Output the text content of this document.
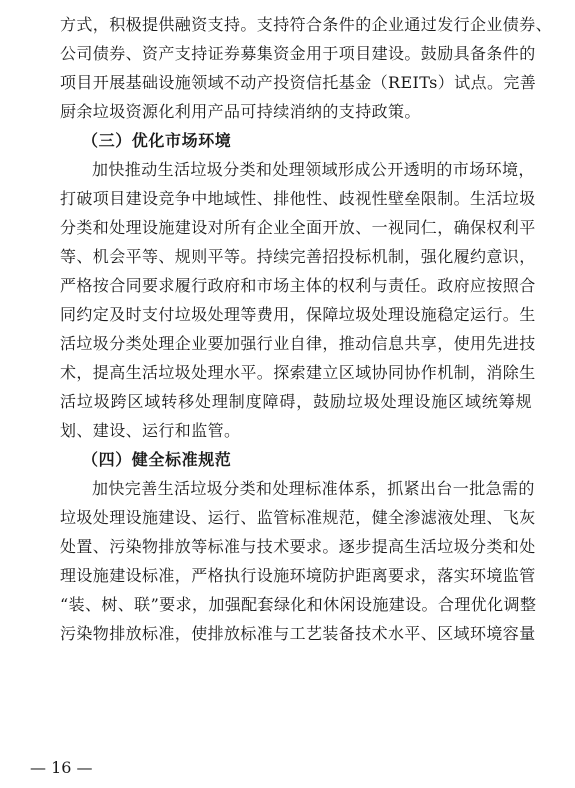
方式，积极提供融资支持。支持符合条件的企业通过发行企业债券、
公司债券、资产支持证券募集资金用于项目建设。鼓励具备条件的
项目开展基础设施领域不动产投资信托基金（REITs）试点。完善
厨余垃圾资源化利用产品可持续消纳的支持政策。
（三）优化市场环境
加快推动生活垃圾分类和处理领域形成公开透明的市场环境，
打破项目建设竞争中地域性、排他性、歧视性壁垒限制。生活垃圾
分类和处理设施建设对所有企业全面开放、一视同仁，确保权利平
等、机会平等、规则平等。持续完善招投标机制，强化履约意识，
严格按合同要求履行政府和市场主体的权利与责任。政府应按照合
同约定及时支付垃圾处理等费用，保障垃圾处理设施稳定运行。生
活垃圾分类处理企业要加强行业自律，推动信息共享，使用先进技
术，提高生活垃圾处理水平。探索建立区域协同协作机制，消除生
活垃圾跨区域转移处理制度障碍，鼓励垃圾处理设施区域统筹规
划、建设、运行和监管。
（四）健全标准规范
加快完善生活垃圾分类和处理标准体系，抓紧出台一批急需的
垃圾处理设施建设、运行、监管标准规范，健全渗滤液处理、飞灰
处置、污染物排放等标准与技术要求。逐步提高生活垃圾分类和处
理设施建设标准，严格执行设施环境防护距离要求，落实环境监管
“装、树、联”要求，加强配套绿化和休闲设施建设。合理优化调整
污染物排放标准，使排放标准与工艺装备技术水平、区域环境容量
— 16 —
